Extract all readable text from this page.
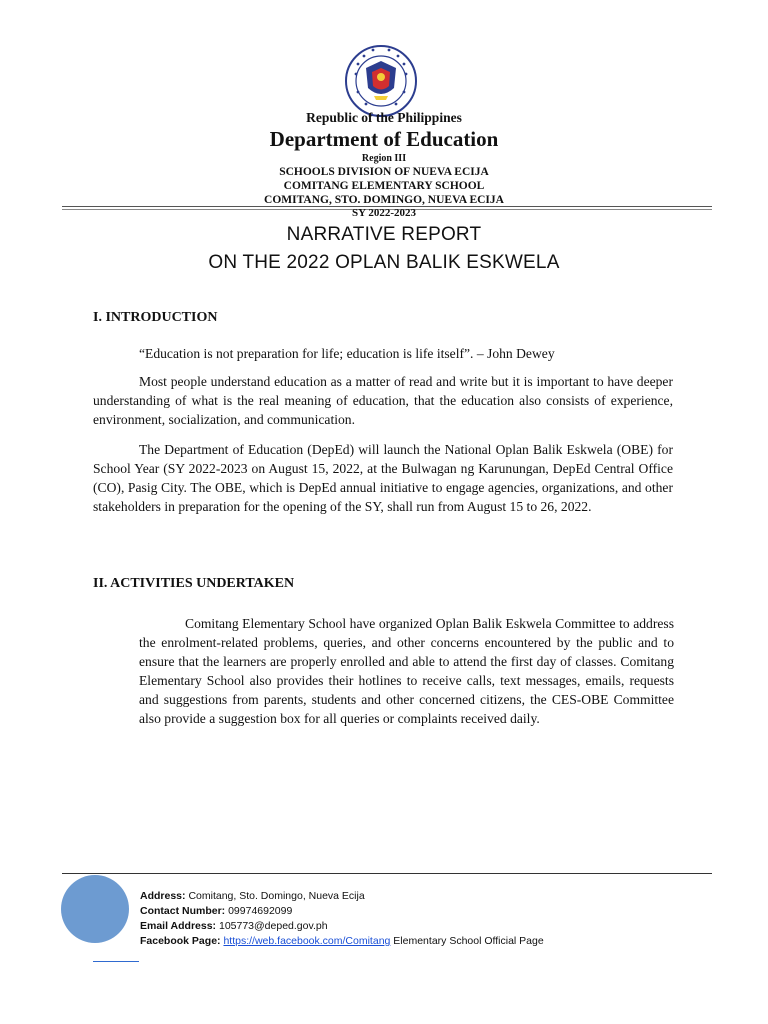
Republic of the Philippines
Department of Education
Region III
SCHOOLS DIVISION OF NUEVA ECIJA
COMITANG ELEMENTARY SCHOOL
COMITANG, STO. DOMINGO, NUEVA ECIJA
SY 2022-2023
NARRATIVE REPORT
ON THE 2022 OPLAN BALIK ESKWELA
I. INTRODUCTION
“Education is not preparation for life; education is life itself”. – John Dewey
Most people understand education as a matter of read and write but it is important to have deeper understanding of what is the real meaning of education, that the education also consists of experience, environment, socialization, and communication.
The Department of Education (DepEd) will launch the National Oplan Balik Eskwela (OBE) for School Year (SY 2022-2023 on August 15, 2022, at the Bulwagan ng Karunungan, DepEd Central Office (CO), Pasig City. The OBE, which is DepEd annual initiative to engage agencies, organizations, and other stakeholders in preparation for the opening of the SY, shall run from August 15 to 26, 2022.
II. ACTIVITIES UNDERTAKEN
Comitang Elementary School have organized Oplan Balik Eskwela Committee to address the enrolment-related problems, queries, and other concerns encountered by the public and to ensure that the learners are properly enrolled and able to attend the first day of classes. Comitang Elementary School also provides their hotlines to receive calls, text messages, emails, requests and suggestions from parents, students and other concerned citizens, the CES-OBE Committee also provide a suggestion box for all queries or complaints received daily.
Address: Comitang, Sto. Domingo, Nueva Ecija
Contact Number: 09974692099
Email Address: 105773@deped.gov.ph
Facebook Page: https://web.facebook.com/Comitang Elementary School Official Page
